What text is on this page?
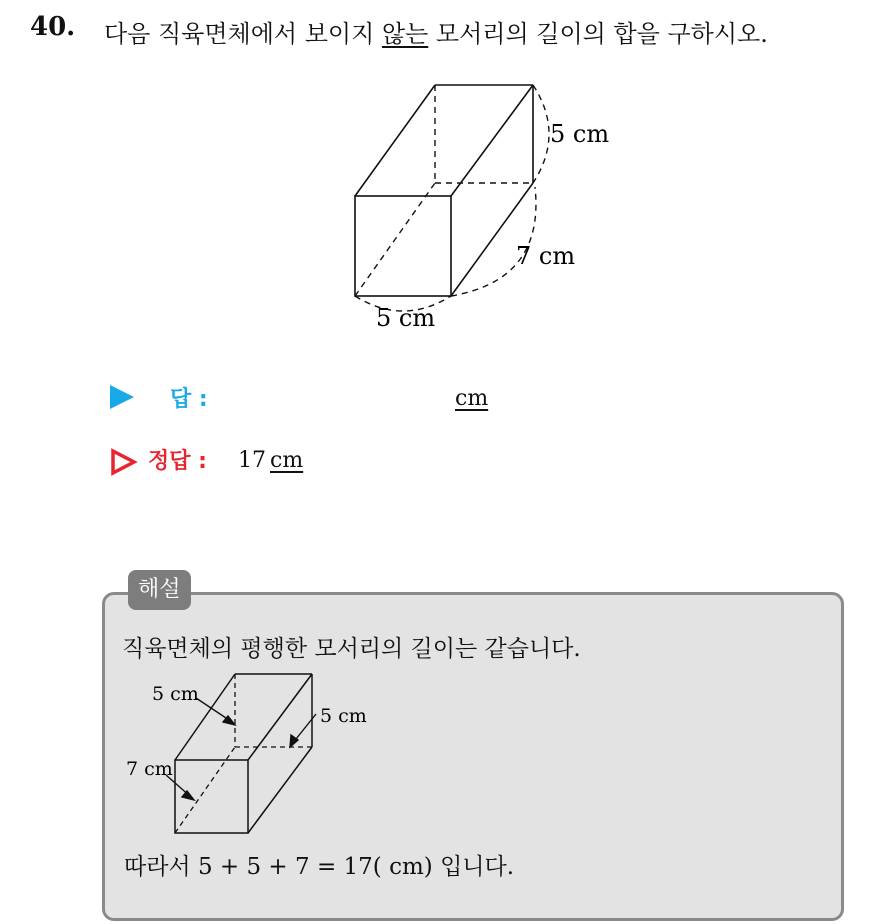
40. 다음 직육면체에서 보이지 않는 모서리의 길이의 합을 구하시오.
5 cm
7 cm
5 cm
답 :	cm
정답 : 17 cm
해설
직육면체의 평행한 모서리의 길이는 같습니다.
5 cm
5 cm
7 cm
따라서 5 + 5 + 7 = 17( cm) 입니다.
